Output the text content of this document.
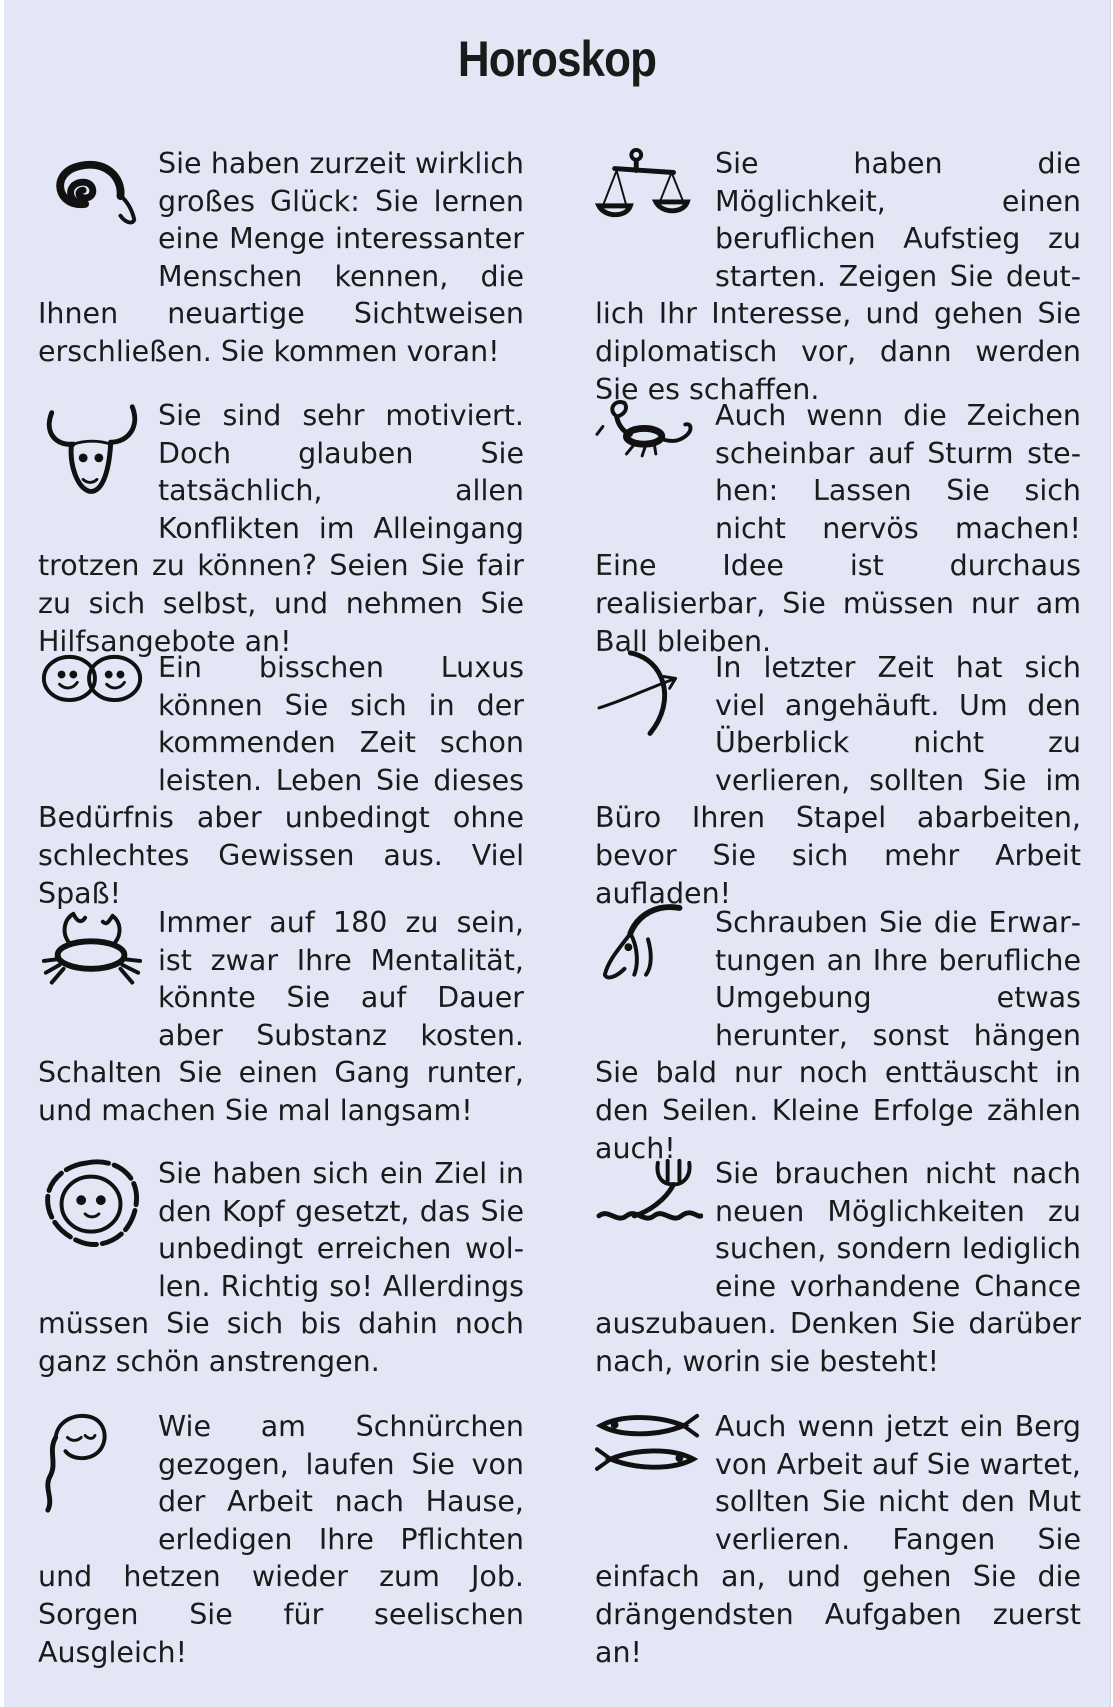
Horoskop
Sie haben zurzeit wirklich großes Glück: Sie lernen eine Menge interessanter Menschen kennen, die Ihnen neuartige Sichtweisen erschließen. Sie kommen voran!
Sie sind sehr motiviert. Doch glauben Sie tatsächlich, allen Konflikten im Alleingang trotzen zu können? Seien Sie fair zu sich selbst, und nehmen Sie Hilfsangebote an!
Ein bisschen Luxus können Sie sich in der kommenden Zeit schon leisten. Leben Sie dieses Bedürfnis aber unbedingt ohne schlechtes Gewissen aus. Viel Spaß!
Immer auf 180 zu sein, ist zwar Ihre Mentalität, könnte Sie auf Dauer aber Substanz kosten. Schalten Sie einen Gang runter, und machen Sie mal langsam!
Sie haben sich ein Ziel in den Kopf gesetzt, das Sie unbedingt erreichen wollen. Richtig so! Allerdings müssen Sie sich bis dahin noch ganz schön anstrengen.
Wie am Schnürchen gezogen, laufen Sie von der Arbeit nach Hause, erledigen Ihre Pflichten und hetzen wieder zum Job. Sorgen Sie für seelischen Ausgleich!
Sie haben die Möglichkeit, einen beruflichen Aufstieg zu starten. Zeigen Sie deutlich Ihr Interesse, und gehen Sie diplomatisch vor, dann werden Sie es schaffen.
Auch wenn die Zeichen scheinbar auf Sturm stehen: Lassen Sie sich nicht nervös machen! Eine Idee ist durchaus realisierbar, Sie müssen nur am Ball bleiben.
In letzter Zeit hat sich viel angehäuft. Um den Überblick nicht zu verlieren, sollten Sie im Büro Ihren Stapel abarbeiten, bevor Sie sich mehr Arbeit aufladen!
Schrauben Sie die Erwartungen an Ihre berufliche Umgebung etwas herunter, sonst hängen Sie bald nur noch enttäuscht in den Seilen. Kleine Erfolge zählen auch!
Sie brauchen nicht nach neuen Möglichkeiten zu suchen, sondern lediglich eine vorhandene Chance auszubauen. Denken Sie darüber nach, worin sie besteht!
Auch wenn jetzt ein Berg von Arbeit auf Sie wartet, sollten Sie nicht den Mut verlieren. Fangen Sie einfach an, und gehen Sie die drängendsten Aufgaben zuerst an!
